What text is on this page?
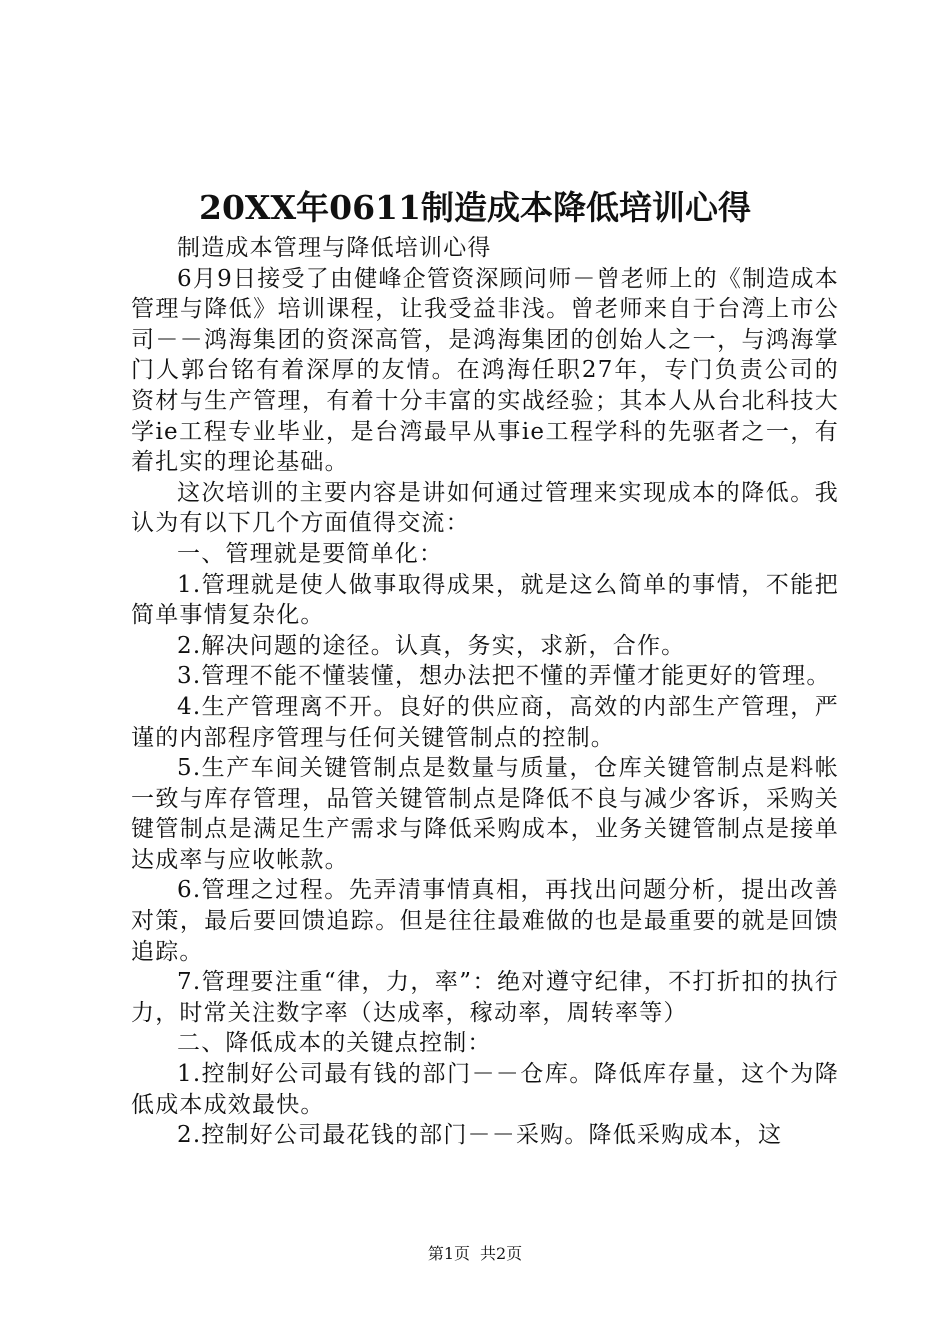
20XX年0611制造成本降低培训心得

制造成本管理与降低培训心得

6月9日接受了由健峰企管资深顾问师－曾老师上的《制造成本管理与降低》培训课程，让我受益非浅。曾老师来自于台湾上市公司－－鸿海集团的资深高管，是鸿海集团的创始人之一，与鸿海掌门人郭台铭有着深厚的友情。在鸿海任职27年，专门负责公司的资材与生产管理，有着十分丰富的实战经验；其本人从台北科技大学ie工程专业毕业，是台湾最早从事ie工程学科的先驱者之一，有着扎实的理论基础。

这次培训的主要内容是讲如何通过管理来实现成本的降低。我认为有以下几个方面值得交流：

一、管理就是要简单化：

1.管理就是使人做事取得成果，就是这么简单的事情，不能把简单事情复杂化。

2.解决问题的途径。认真，务实，求新，合作。

3.管理不能不懂装懂，想办法把不懂的弄懂才能更好的管理。

4.生产管理离不开。良好的供应商，高效的内部生产管理，严谨的内部程序管理与任何关键管制点的控制。

5.生产车间关键管制点是数量与质量，仓库关键管制点是料帐一致与库存管理，品管关键管制点是降低不良与减少客诉，采购关键管制点是满足生产需求与降低采购成本，业务关键管制点是接单达成率与应收帐款。

6.管理之过程。先弄清事情真相，再找出问题分析，提出改善对策，最后要回馈追踪。但是往往最难做的也是最重要的就是回馈追踪。

7.管理要注重“律，力，率”：绝对遵守纪律，不打折扣的执行力，时常关注数字率（达成率，稼动率，周转率等）

二、降低成本的关键点控制：

1.控制好公司最有钱的部门－－仓库。降低库存量，这个为降低成本成效最快。

2.控制好公司最花钱的部门－－采购。降低采购成本，这

第1页 共2页
